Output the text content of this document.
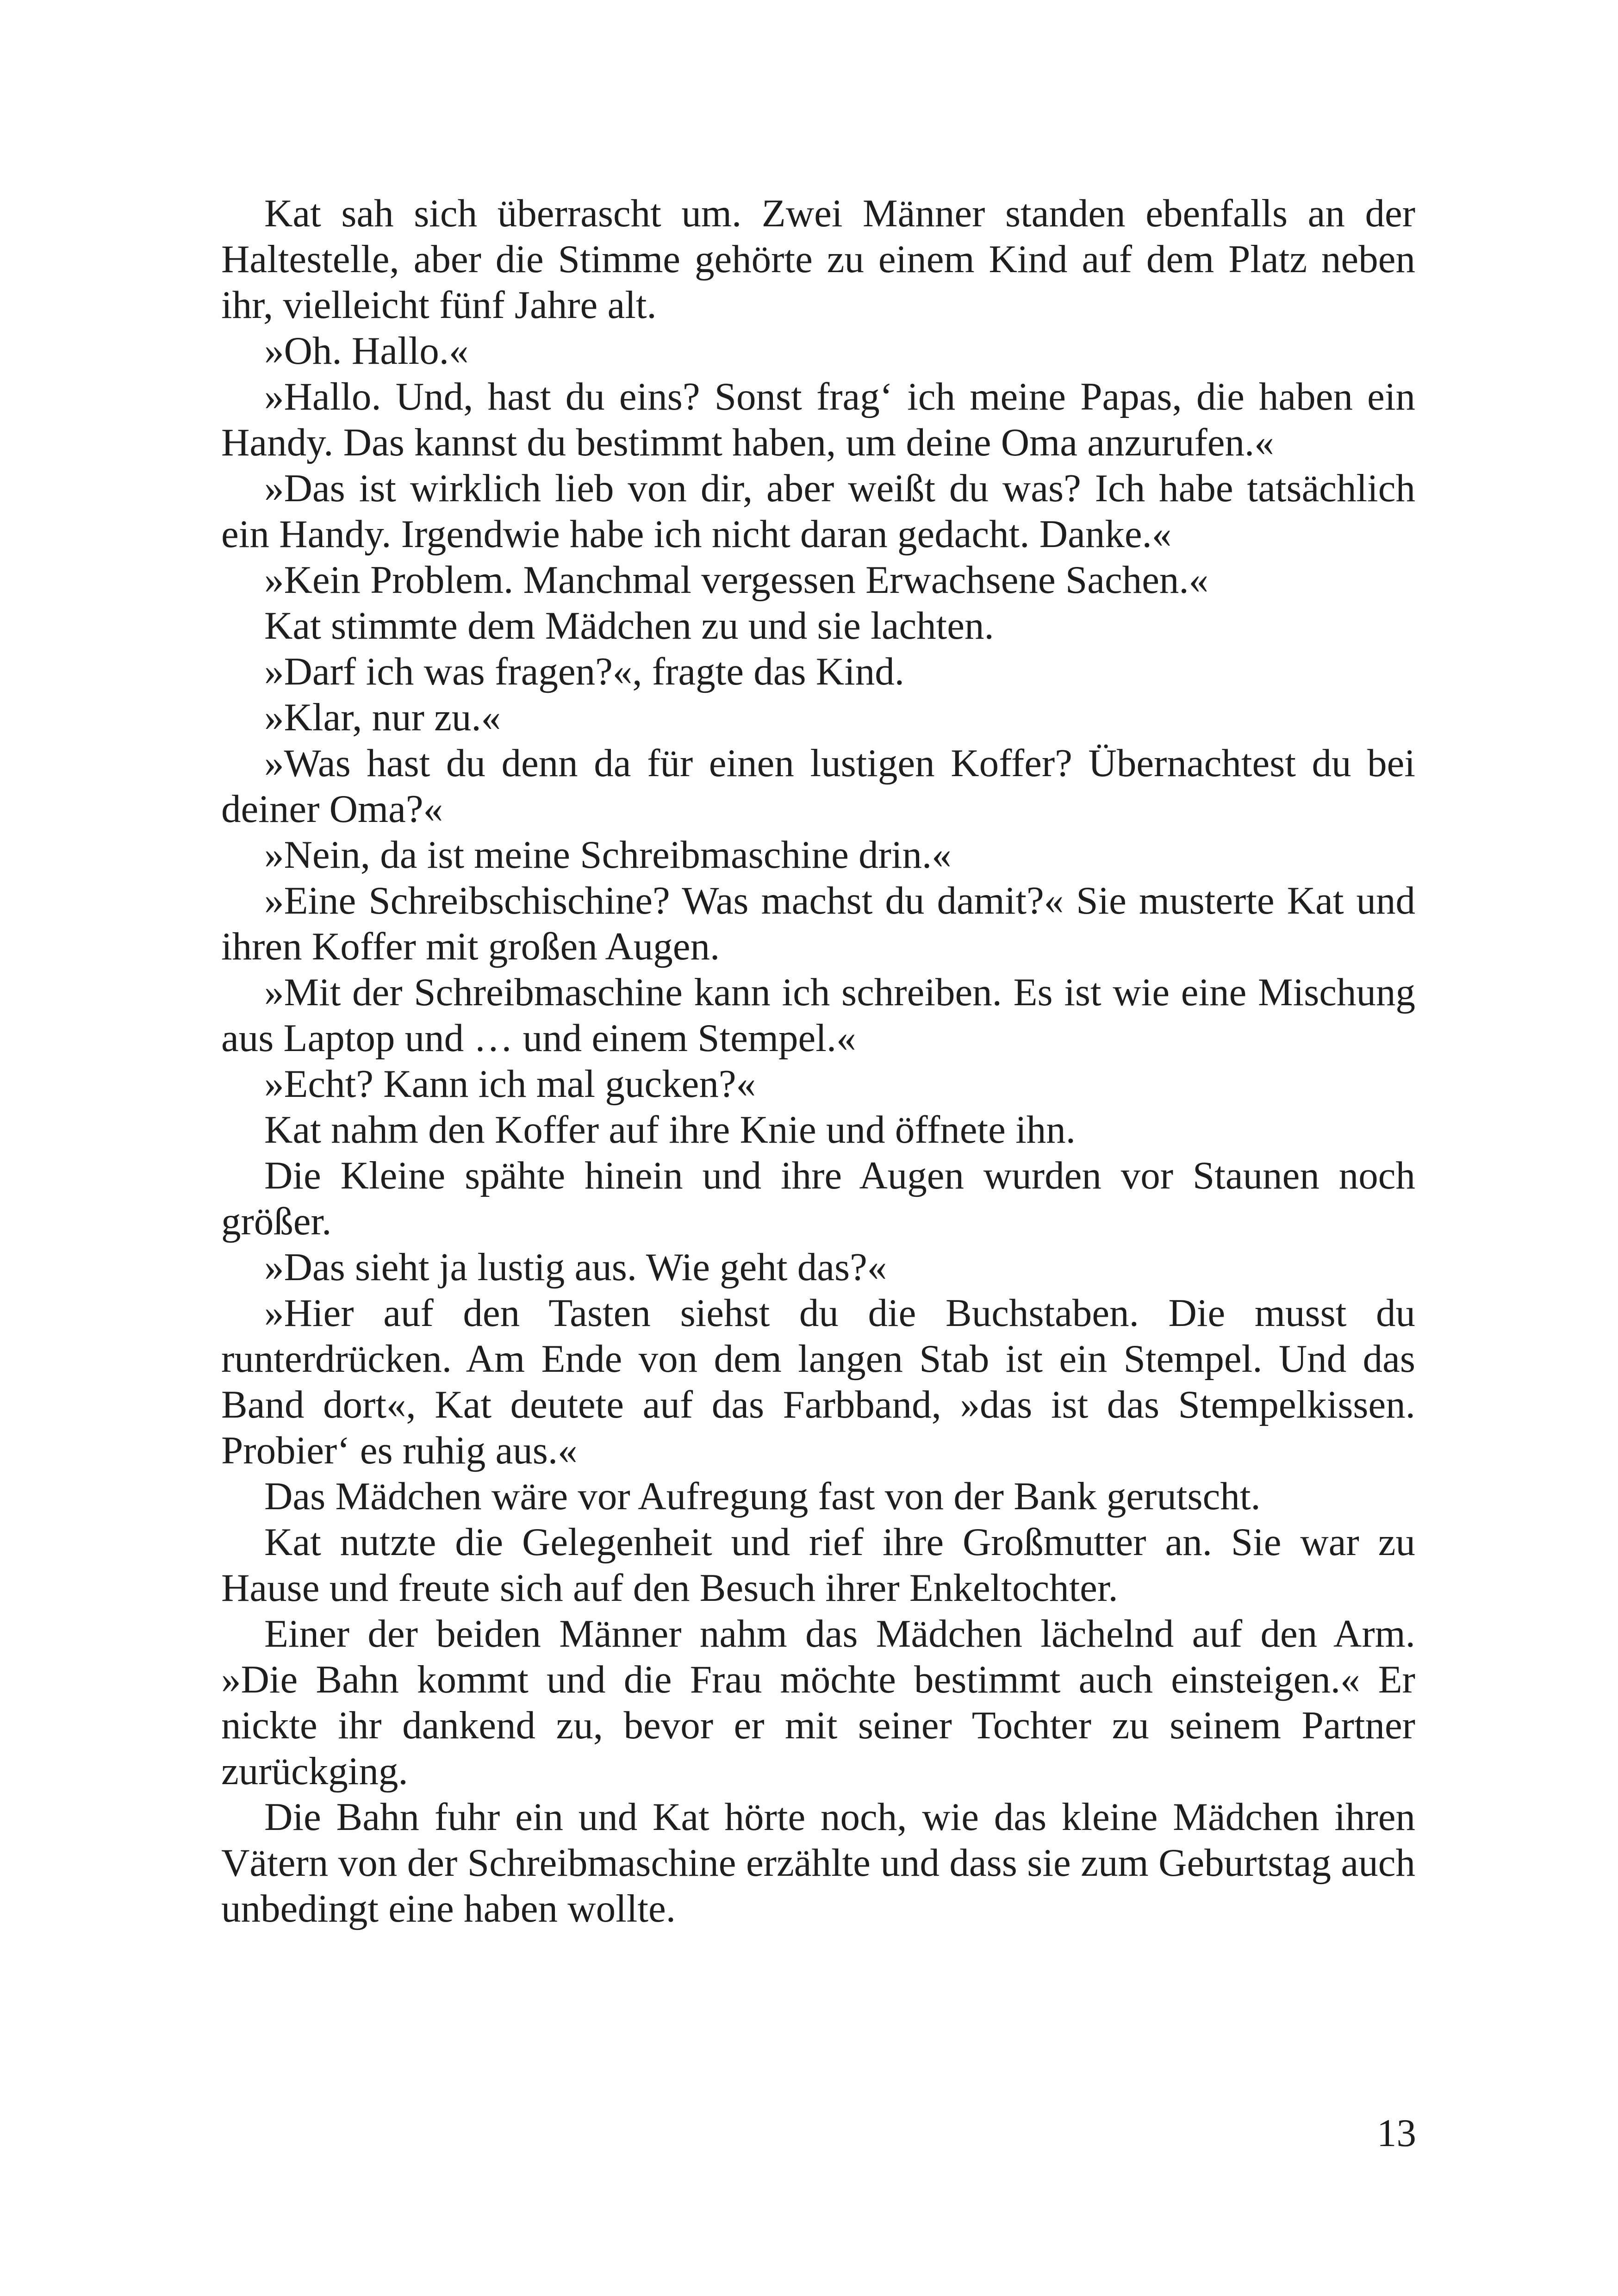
Kat sah sich überrascht um. Zwei Männer standen ebenfalls an der Haltestelle, aber die Stimme gehörte zu einem Kind auf dem Platz neben ihr, vielleicht fünf Jahre alt.

»Oh. Hallo.«

»Hallo. Und, hast du eins? Sonst frag‘ ich meine Papas, die haben ein Handy. Das kannst du bestimmt haben, um deine Oma anzurufen.«

»Das ist wirklich lieb von dir, aber weißt du was? Ich habe tatsächlich ein Handy. Irgendwie habe ich nicht daran gedacht. Danke.«

»Kein Problem. Manchmal vergessen Erwachsene Sachen.«

Kat stimmte dem Mädchen zu und sie lachten.

»Darf ich was fragen?«, fragte das Kind.

»Klar, nur zu.«

»Was hast du denn da für einen lustigen Koffer? Übernachtest du bei deiner Oma?«

»Nein, da ist meine Schreibmaschine drin.«

»Eine Schreibschischine? Was machst du damit?« Sie musterte Kat und ihren Koffer mit großen Augen.

»Mit der Schreibmaschine kann ich schreiben. Es ist wie eine Mischung aus Laptop und … und einem Stempel.«

»Echt? Kann ich mal gucken?«

Kat nahm den Koffer auf ihre Knie und öffnete ihn.

Die Kleine spähte hinein und ihre Augen wurden vor Staunen noch größer.

»Das sieht ja lustig aus. Wie geht das?«

»Hier auf den Tasten siehst du die Buchstaben. Die musst du runterdrücken. Am Ende von dem langen Stab ist ein Stempel. Und das Band dort«, Kat deutete auf das Farbband, »das ist das Stempelkissen. Probier‘ es ruhig aus.«

Das Mädchen wäre vor Aufregung fast von der Bank gerutscht.

Kat nutzte die Gelegenheit und rief ihre Großmutter an. Sie war zu Hause und freute sich auf den Besuch ihrer Enkeltochter.

Einer der beiden Männer nahm das Mädchen lächelnd auf den Arm. »Die Bahn kommt und die Frau möchte bestimmt auch einsteigen.« Er nickte ihr dankend zu, bevor er mit seiner Tochter zu seinem Partner zurückging.

Die Bahn fuhr ein und Kat hörte noch, wie das kleine Mädchen ihren Vätern von der Schreibmaschine erzählte und dass sie zum Geburtstag auch unbedingt eine haben wollte.

13
